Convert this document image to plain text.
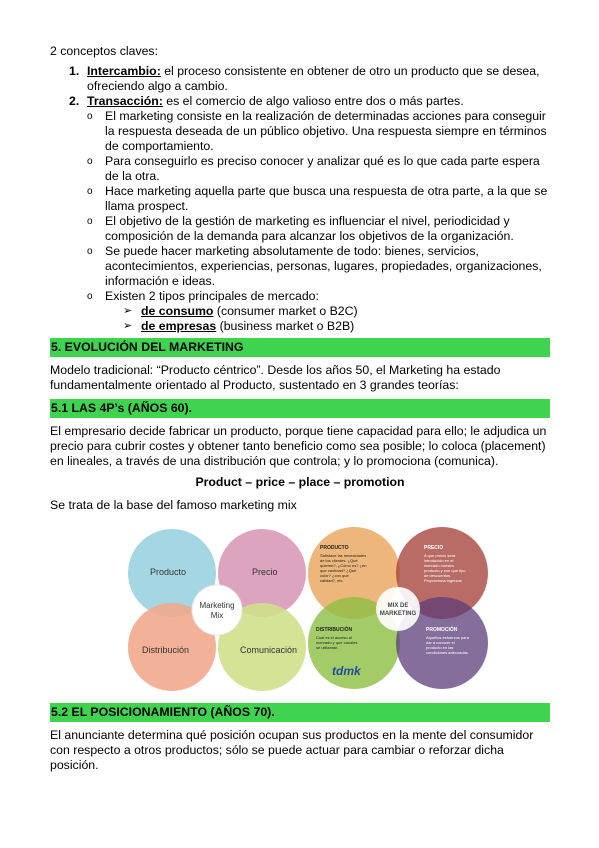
2 conceptos claves:
1. Intercambio: el proceso consistente en obtener de otro un producto que se desea, ofreciendo algo a cambio.
2. Transacción: es el comercio de algo valioso entre dos o más partes.
o El marketing consiste en la realización de determinadas acciones para conseguir la respuesta deseada de un público objetivo. Una respuesta siempre en términos de comportamiento.
o Para conseguirlo es preciso conocer y analizar qué es lo que cada parte espera de la otra.
o Hace marketing aquella parte que busca una respuesta de otra parte, a la que se llama prospect.
o El objetivo de la gestión de marketing es influenciar el nivel, periodicidad y composición de la demanda para alcanzar los objetivos de la organización.
o Se puede hacer marketing absolutamente de todo: bienes, servicios, acontecimientos, experiencias, personas, lugares, propiedades, organizaciones, información e ideas.
o Existen 2 tipos principales de mercado:
➢ de consumo (consumer market o B2C)
➢ de empresas (business market o B2B)
5. EVOLUCIÓN DEL MARKETING

Modelo tradicional: “Producto céntrico”. Desde los años 50, el Marketing ha estado fundamentalmente orientado al Producto, sustentado en 3 grandes teorías:

5.1 LAS 4P’s (AÑOS 60).

El empresario decide fabricar un producto, porque tiene capacidad para ello; le adjudica un precio para cubrir costes y obtener tanto beneficio como sea posible; lo coloca (placement) en lineales, a través de una distribución que controla; y lo promociona (comunica).

Product – price – place – promotion

Se trata de la base del famoso marketing mix

Producto	Precio
Distribución	Comunicación
Marketing
Mix
MIX DE
MARKETING
PRODUCTO
Satisface las necesidades
de los clientes. ¿Qué
quieren?, ¿Cómo es? ¿en
que cantidad? ¿Qué
color? ¿con que
calidad?, etc.
PRECIO
A que precio será
introducido en el
mercado nuestro
producto y con que tipo
de descuentos.
Proporciona ingresos
DISTRIBUCIÓN
Cual es el acceso al
mercado y que canales
se utilizarán.
PROMOCIÓN
Aquellos esfuerzos para
dar a conocer el
producto en las
condiciones adecuadas.
tdmk
5.2 EL POSICIONAMIENTO (AÑOS 70).

El anunciante determina qué posición ocupan sus productos en la mente del consumidor con respecto a otros productos; sólo se puede actuar para cambiar o reforzar dicha posición.
